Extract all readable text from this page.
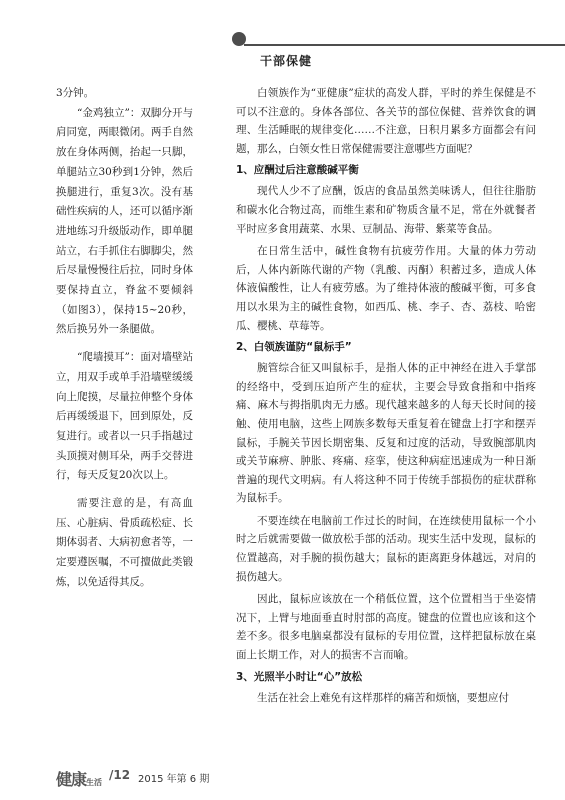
干部保健

3分钟。

“金鸡独立”：双脚分开与肩同宽，两眼微闭。两手自然放在身体两侧，抬起一只脚，单腿站立30秒到1分钟，然后换腿进行，重复3次。没有基础性疾病的人，还可以循序渐进地练习升级版动作，即单腿站立，右手抓住右脚脚尖，然后尽量慢慢往后拉，同时身体要保持直立，脊盆不要倾斜（如图3），保持15~20秒，然后换另外一条腿做。

“爬墙摸耳”：面对墙壁站立，用双手或单手沿墙壁缓缓向上爬摸，尽量拉伸整个身体后再缓缓退下，回到原处，反复进行。或者以一只手指越过头顶摸对侧耳朵，两手交替进行，每天反复20次以上。

需要注意的是，有高血压、心脏病、骨质疏松症、长期体弱者、大病初愈者等，一定要遵医嘱，不可擅做此类锻炼，以免适得其反。

白领族作为“亚健康”症状的高发人群，平时的养生保健是不可以不注意的。身体各部位、各关节的部位保健、营养饮食的调理、生活睡眠的规律变化……不注意，日积月累多方面都会有问题，那么，白领女性日常保健需要注意哪些方面呢？

1、应酬过后注意酸碱平衡

现代人少不了应酬，饭店的食品虽然美味诱人，但往往脂肪和碳水化合物过高，而维生素和矿物质含量不足，常在外就餐者平时应多食用蔬菜、水果、豆制品、海带、紫菜等食品。

在日常生活中，碱性食物有抗疲劳作用。大量的体力劳动后，人体内新陈代谢的产物（乳酸、丙酮）积蓄过多，造成人体体液偏酸性，让人有疲劳感。为了维持体液的酸碱平衡，可多食用以水果为主的碱性食物，如西瓜、桃、李子、杏、荔枝、哈密瓜、樱桃、草莓等。

2、白领族谨防“鼠标手”

腕管综合征又叫鼠标手，是指人体的正中神经在进入手掌部的经络中，受到压迫所产生的症状，主要会导致食指和中指疼痛、麻木与拇指肌肉无力感。现代越来越多的人每天长时间的接触、使用电脑，这些上网族多数每天重复着在键盘上打字和摆弄鼠标，手腕关节因长期密集、反复和过度的活动，导致腕部肌肉或关节麻痹、肿胀、疼痛、痉挛，使这种病症迅速成为一种日渐普遍的现代文明病。有人将这种不同于传统手部损伤的症状群称为鼠标手。

不要连续在电脑前工作过长的时间，在连续使用鼠标一个小时之后就需要做一做放松手部的活动。现实生活中发现，鼠标的位置越高，对手腕的损伤越大；鼠标的距离距身体越远，对肩的损伤越大。

因此，鼠标应该放在一个稍低位置，这个位置相当于坐姿情况下，上臂与地面垂直时肘部的高度。键盘的位置也应该和这个差不多。很多电脑桌都没有鼠标的专用位置，这样把鼠标放在桌面上长期工作，对人的损害不言而喻。

3、光照半小时让“心”放松

生活在社会上难免有这样那样的痛苦和烦恼，要想应付

健康生活
/12 2015 年第 6 期
